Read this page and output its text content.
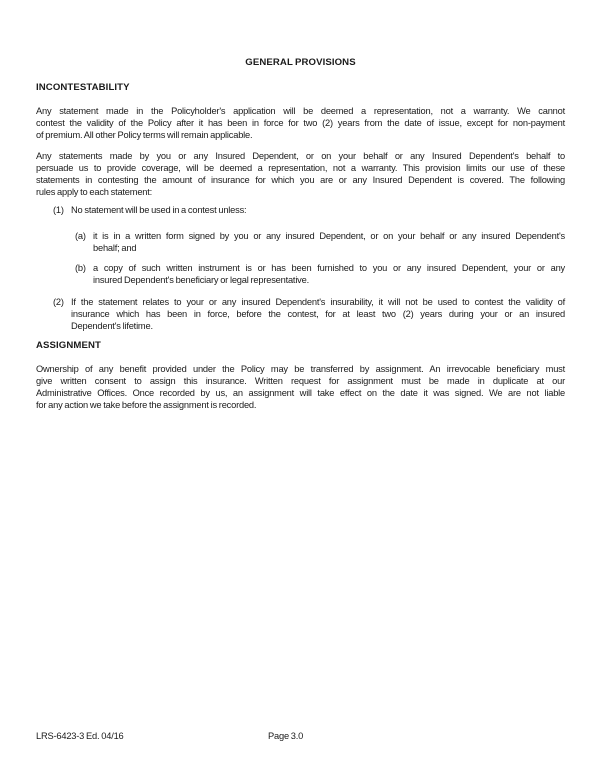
GENERAL PROVISIONS
INCONTESTABILITY
Any statement made in the Policyholder's application will be deemed a representation, not a warranty. We cannot
contest the validity of the Policy after it has been in force for two (2) years from the date of issue, except for non-payment
of premium. All other Policy terms will remain applicable.
Any statements made by you or any Insured Dependent, or on your behalf or any Insured Dependent's behalf to
persuade us to provide coverage, will be deemed a representation, not a warranty. This provision limits our use of these
statements in contesting the amount of insurance for which you are or any Insured Dependent is covered. The following
rules apply to each statement:
(1) No statement will be used in a contest unless:
(a) it is in a written form signed by you or any insured Dependent, or on your behalf or any insured Dependent's
behalf; and
(b) a copy of such written instrument is or has been furnished to you or any insured Dependent, your or any
insured Dependent's beneficiary or legal representative.
(2) If the statement relates to your or any insured Dependent's insurability, it will not be used to contest the validity of
insurance which has been in force, before the contest, for at least two (2) years during your or an insured
Dependent's lifetime.
ASSIGNMENT
Ownership of any benefit provided under the Policy may be transferred by assignment. An irrevocable beneficiary must
give written consent to assign this insurance. Written request for assignment must be made in duplicate at our
Administrative Offices. Once recorded by us, an assignment will take effect on the date it was signed. We are not liable
for any action we take before the assignment is recorded.
LRS-6423-3 Ed. 04/16	Page 3.0
